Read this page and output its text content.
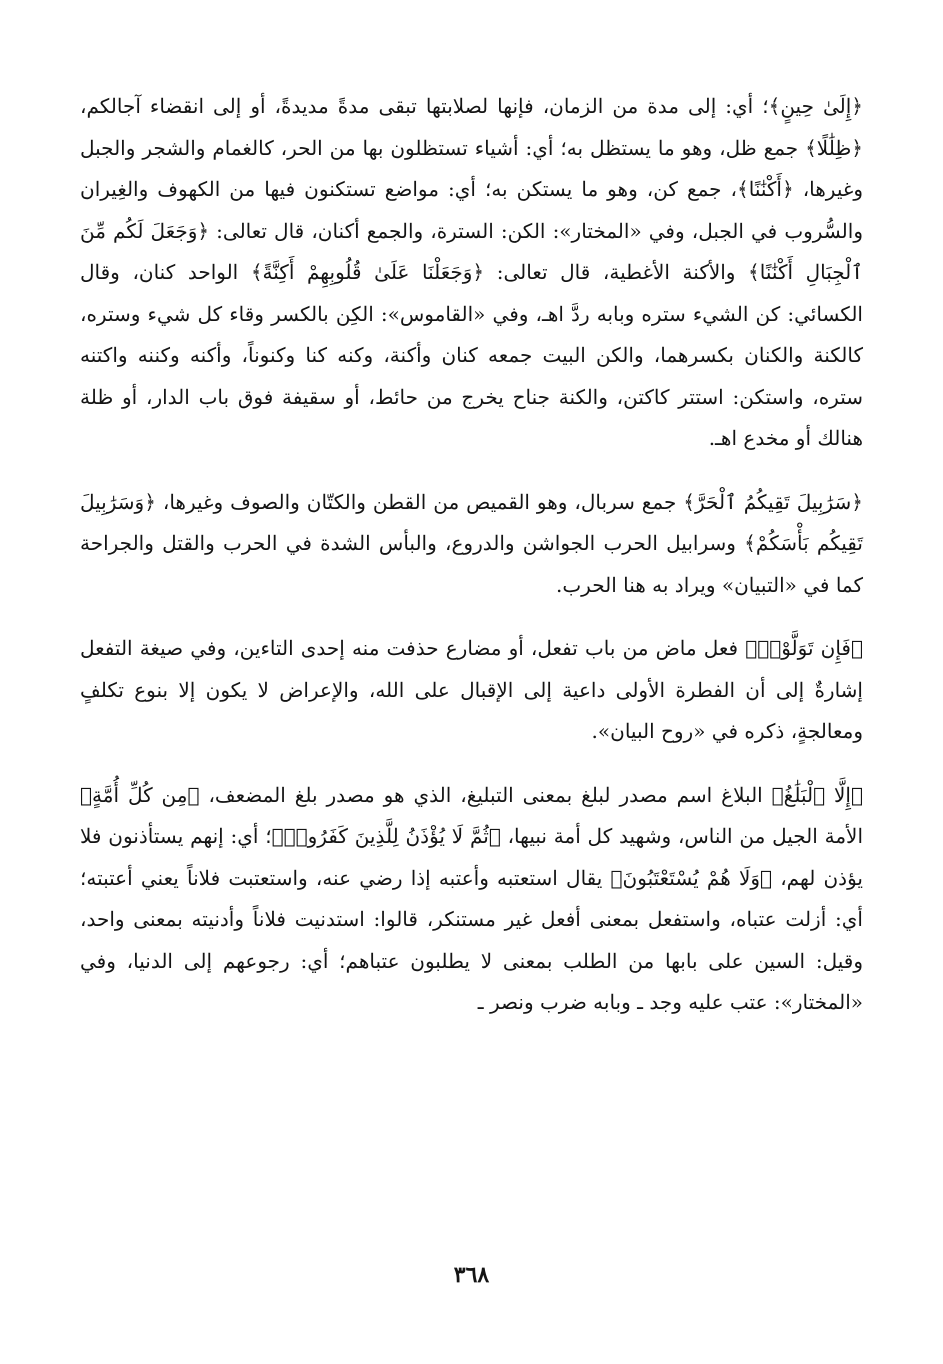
﴿إِلَىٰ حِينٍ﴾؛ أي: إلى مدة من الزمان، فإنها لصلابتها تبقى مدةً مديدةً، أو إلى انقضاء آجالكم، ﴿ظِلَٰلًا﴾ جمع ظل، وهو ما يستظل به؛ أي: أشياء تستظلون بها من الحر، كالغمام والشجر والجبل وغيرها، ﴿أَكْنَٰنًا﴾، جمع كن، وهو ما يستكن به؛ أي: مواضع تستكنون فيها من الكهوف والغِيران والسُّروب في الجبل، وفي «المختار»: الكن: السترة، والجمع أكنان، قال تعالى: ﴿وَجَعَلَ لَكُم مِّنَ ٱلْجِبَالِ أَكْنَٰنًا﴾ والأكنة الأغطية، قال تعالى: ﴿وَجَعَلْنَا عَلَىٰ قُلُوبِهِمْ أَكِنَّةً﴾ الواحد كنان، وقال الكسائي: كن الشيء ستره وبابه ردَّ اهـ، وفي «القاموس»: الكِن بالكسر وقاء كل شيء وستره، كالكنة والكنان بكسرهما، والكن البيت جمعه كنان وأكنة، وكنه كنا وكنوناً، وأكنه وكننه واكتنه ستره، واستكن: استتر كاكتن، والكنة جناح يخرج من حائط، أو سقيفة فوق باب الدار، أو ظلة هنالك أو مخدع اهـ.

﴿سَرَٰبِيلَ تَقِيكُمُ ٱلْحَرَّ﴾ جمع سربال، وهو القميص من القطن والكتّان والصوف وغيرها، ﴿وَسَرَٰبِيلَ تَقِيكُم بَأْسَكُمْ﴾ وسرابيل الحرب الجواشن والدروع، والبأس الشدة في الحرب والقتل والجراحة كما في «التبيان» ويراد به هنا الحرب.

﴿فَإِن تَوَلَّوْا۟﴾ فعل ماض من باب تفعل، أو مضارع حذفت منه إحدى التاءين، وفي صيغة التفعل إشارةٌ إلى أن الفطرة الأولى داعية إلى الإقبال على الله، والإعراض لا يكون إلا بنوع تكلفٍ ومعالجةٍ، ذكره في «روح البيان».

﴿إِلَّا ٱلْبَلَٰغُ﴾ البلاغ اسم مصدر لبلغ بمعنى التبليغ، الذي هو مصدر بلغ المضعف، ﴿مِن كُلِّ أُمَّةٍ﴾ الأمة الجيل من الناس، وشهيد كل أمة نبيها، ﴿ثُمَّ لَا يُؤْذَنُ لِلَّذِينَ كَفَرُوا۟﴾؛ أي: إنهم يستأذنون فلا يؤذن لهم، ﴿وَلَا هُمْ يُسْتَعْتَبُونَ﴾ يقال استعتبه وأعتبه إذا رضي عنه، واستعتبت فلاناً يعني أعتبته؛ أي: أزلت عتباه، واستفعل بمعنى أفعل غير مستنكر، قالوا: استدنيت فلاناً وأدنيته بمعنى واحد، وقيل: السين على بابها من الطلب بمعنى لا يطلبون عتباهم؛ أي: رجوعهم إلى الدنيا، وفي «المختار»: عتب عليه وجد ـ وبابه ضرب ونصر ـ

٣٦٨
